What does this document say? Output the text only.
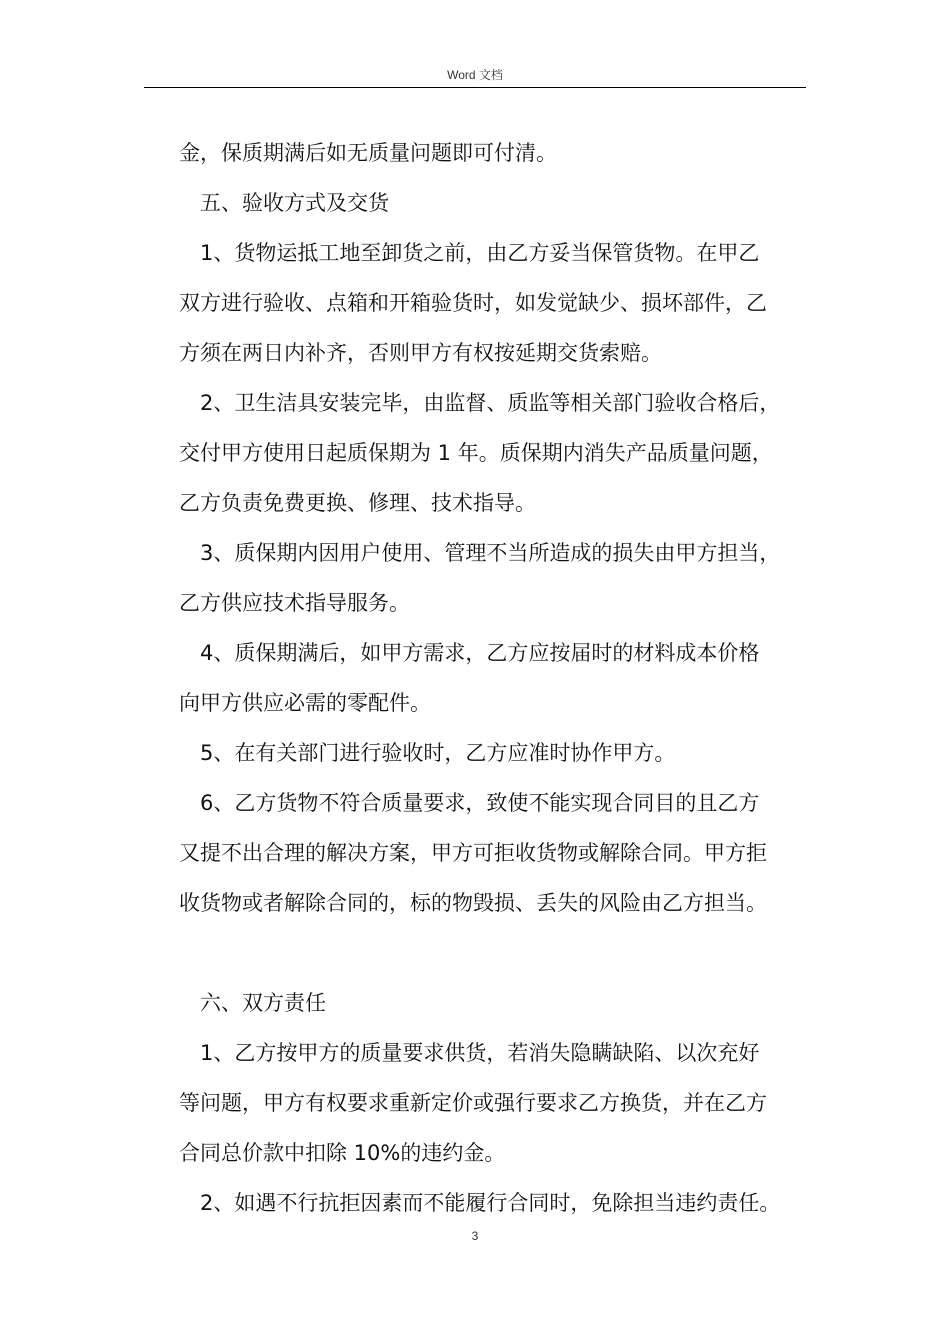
Word 文档
金，保质期满后如无质量问题即可付清。
五、验收方式及交货
1、货物运抵工地至卸货之前，由乙方妥当保管货物。在甲乙
双方进行验收、点箱和开箱验货时，如发觉缺少、损坏部件，乙
方须在两日内补齐，否则甲方有权按延期交货索赔。
2、卫生洁具安装完毕，由监督、质监等相关部门验收合格后，
交付甲方使用日起质保期为 1 年。质保期内消失产品质量问题，
乙方负责免费更换、修理、技术指导。
3、质保期内因用户使用、管理不当所造成的损失由甲方担当，
乙方供应技术指导服务。
4、质保期满后，如甲方需求，乙方应按届时的材料成本价格
向甲方供应必需的零配件。
5、在有关部门进行验收时，乙方应准时协作甲方。
6、乙方货物不符合质量要求，致使不能实现合同目的且乙方
又提不出合理的解决方案，甲方可拒收货物或解除合同。甲方拒
收货物或者解除合同的，标的物毁损、丢失的风险由乙方担当。
六、双方责任
1、乙方按甲方的质量要求供货，若消失隐瞒缺陷、以次充好
等问题，甲方有权要求重新定价或强行要求乙方换货，并在乙方
合同总价款中扣除 10%的违约金。
2、如遇不行抗拒因素而不能履行合同时，免除担当违约责任。
3
